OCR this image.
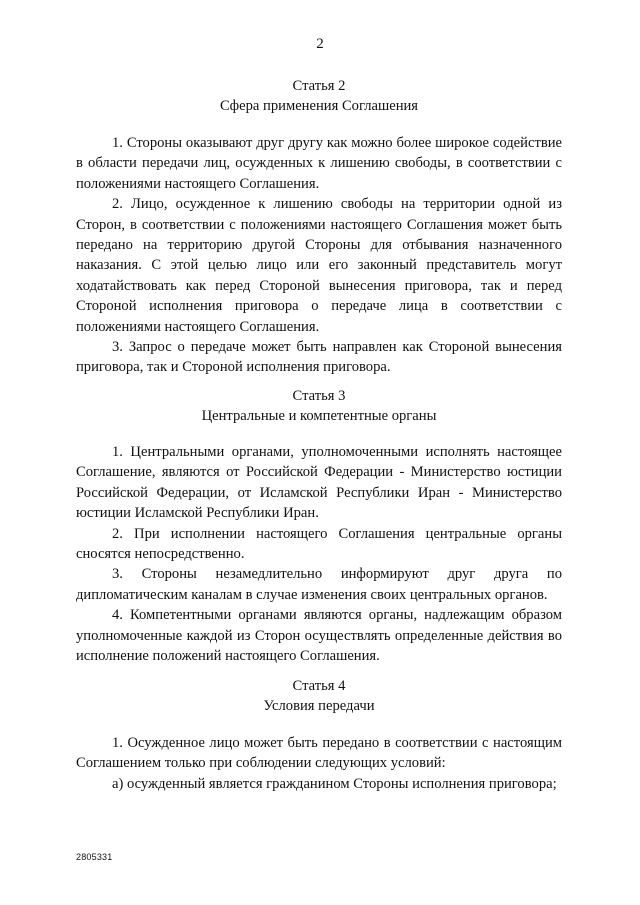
2

Статья 2

Сфера применения Соглашения

1. Стороны оказывают друг другу как можно более широкое содействие в области передачи лиц, осужденных к лишению свободы, в соответствии с положениями настоящего Соглашения.

2. Лицо, осужденное к лишению свободы на территории одной из Сторон, в соответствии с положениями настоящего Соглашения может быть передано на территорию другой Стороны для отбывания назначенного наказания. С этой целью лицо или его законный представитель могут ходатайствовать как перед Стороной вынесения приговора, так и перед Стороной исполнения приговора о передаче лица в соответствии с положениями настоящего Соглашения.

3. Запрос о передаче может быть направлен как Стороной вынесения приговора, так и Стороной исполнения приговора.

Статья 3

Центральные и компетентные органы

1. Центральными органами, уполномоченными исполнять настоящее Соглашение, являются от Российской Федерации - Министерство юстиции Российской Федерации, от Исламской Республики Иран - Министерство юстиции Исламской Республики Иран.

2. При исполнении настоящего Соглашения центральные органы сносятся непосредственно.

3. Стороны незамедлительно информируют друг друга по дипломатическим каналам в случае изменения своих центральных органов.

4. Компетентными органами являются органы, надлежащим образом уполномоченные каждой из Сторон осуществлять определенные действия во исполнение положений настоящего Соглашения.

Статья 4

Условия передачи

1. Осужденное лицо может быть передано в соответствии с настоящим Соглашением только при соблюдении следующих условий:

а) осужденный является гражданином Стороны исполнения приговора;

2805331
